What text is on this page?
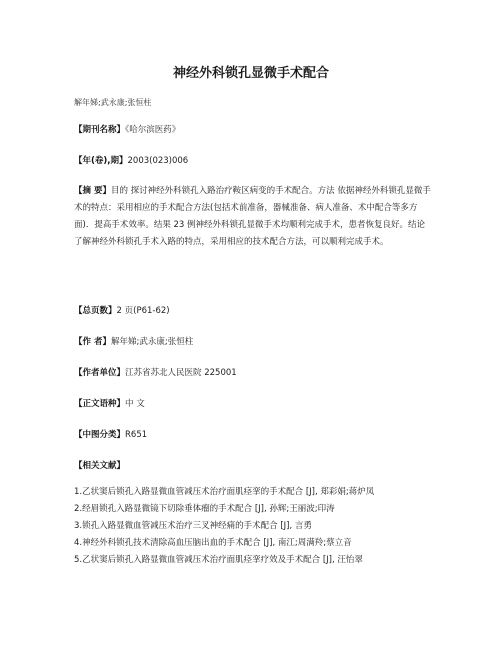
神经外科锁孔显微手术配合
解年娣;武永康;张恒柱
【期刊名称】《哈尔滨医药》
【年(卷),期】2003(023)006
【摘 要】目的 探讨神经外科锁孔入路治疗鞍区病变的手术配合。方法 依据神经外科锁孔显微手术的特点：采用相应的手术配合方法(包括术前准备，器械准备、病人准备、术中配合等多方面)．提高手术效率。结果 23 例神经外科锁孔显微手术均顺利完成手术，患者恢复良好。结论 了解神经外科锁孔手术入路的特点，采用相应的技术配合方法，可以顺利完成手术。
【总页数】2 页(P61-62)
【作 者】解年娣;武永康;张恒柱
【作者单位】江苏省苏北人民医院 225001
【正文语种】中 文
【中图分类】R651
【相关文献】
1.乙状窦后锁孔入路显微血管减压术治疗面肌痉挛的手术配合 [J], 郑彩娟;蒋炉凤
2.经眉锁孔入路显微镜下切除垂体瘤的手术配合 [J], 孙辉;王丽波;印涛
3.锁孔入路显微血管减压术治疗三叉神经痛的手术配合 [J], 言勇
4.神经外科锁孔技术清除高血压脑出血的手术配合 [J], 南江;周满羚;蔡立音
5.乙状窦后锁孔入路显微血管减压术治疗面肌痉挛疗效及手术配合 [J], 汪怡翠
